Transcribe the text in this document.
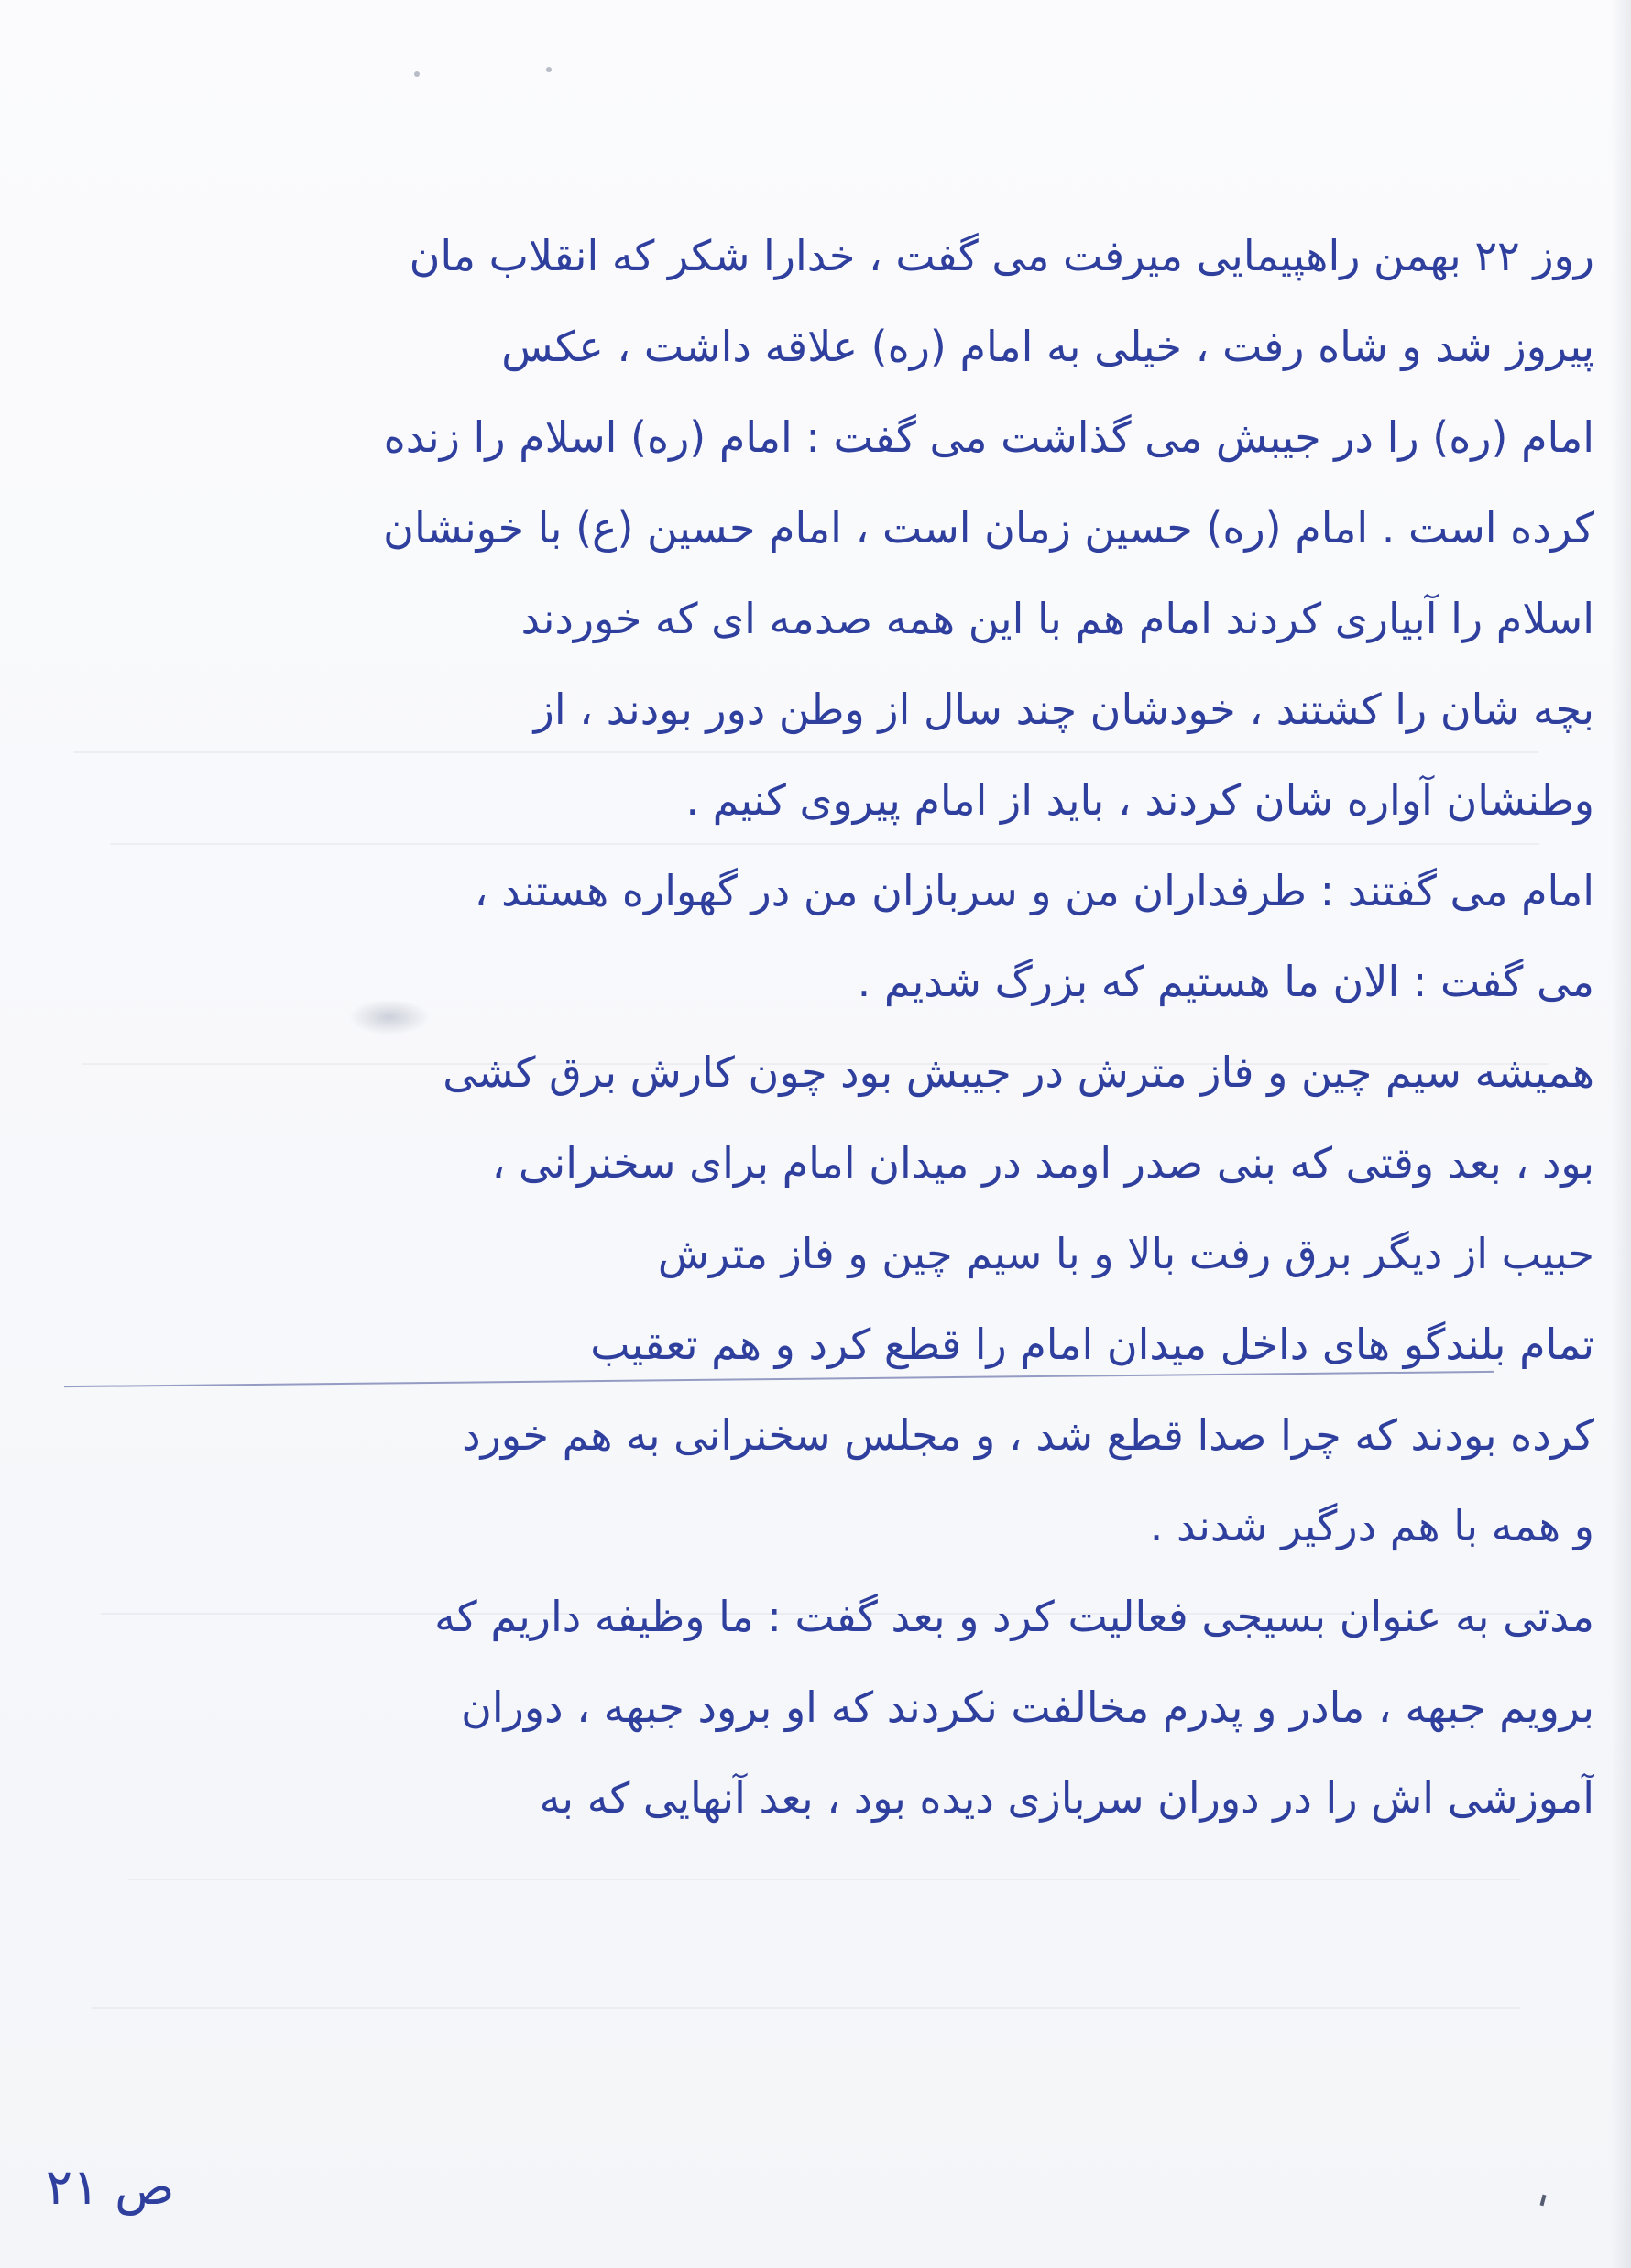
روز ۲۲ بهمن راهپیمایی میرفت می گفت ، خدارا شکر که انقلاب مان
پیروز شد و شاه رفت ، خیلی به امام (ره) علاقه داشت ، عکس
امام (ره) را در جیبش می گذاشت می گفت : امام (ره) اسلام را زنده
کرده است . امام (ره) حسین زمان است ، امام حسین (ع) با خونشان
اسلام را آبیاری کردند امام هم با این همه صدمه ای که خوردند
بچه شان را کشتند ، خودشان چند سال از وطن دور بودند ، از
وطنشان آواره شان کردند ، باید از امام پیروی کنیم .
امام می گفتند : طرفداران من و سربازان من در گهواره هستند ،
می گفت : الان ما هستیم که بزرگ شدیم .
همیشه سیم چین و فاز مترش در جیبش بود چون کارش برق کشی
بود ، بعد وقتی که بنی صدر اومد در میدان امام برای سخنرانی ،
حبیب از دیگر برق رفت بالا و با سیم چین و فاز مترش
تمام بلندگو های داخل میدان امام را قطع کرد و هم تعقیب
کرده بودند که چرا صدا قطع شد ، و مجلس سخنرانی به هم خورد
و همه با هم درگیر شدند .
مدتی به عنوان بسیجی فعالیت کرد و بعد گفت : ما وظیفه داریم که
برویم جبهه ، مادر و پدرم مخالفت نکردند که او برود جبهه ، دوران
آموزشی اش را در دوران سربازی دیده بود ، بعد آنهایی که به
ص ۲۱
